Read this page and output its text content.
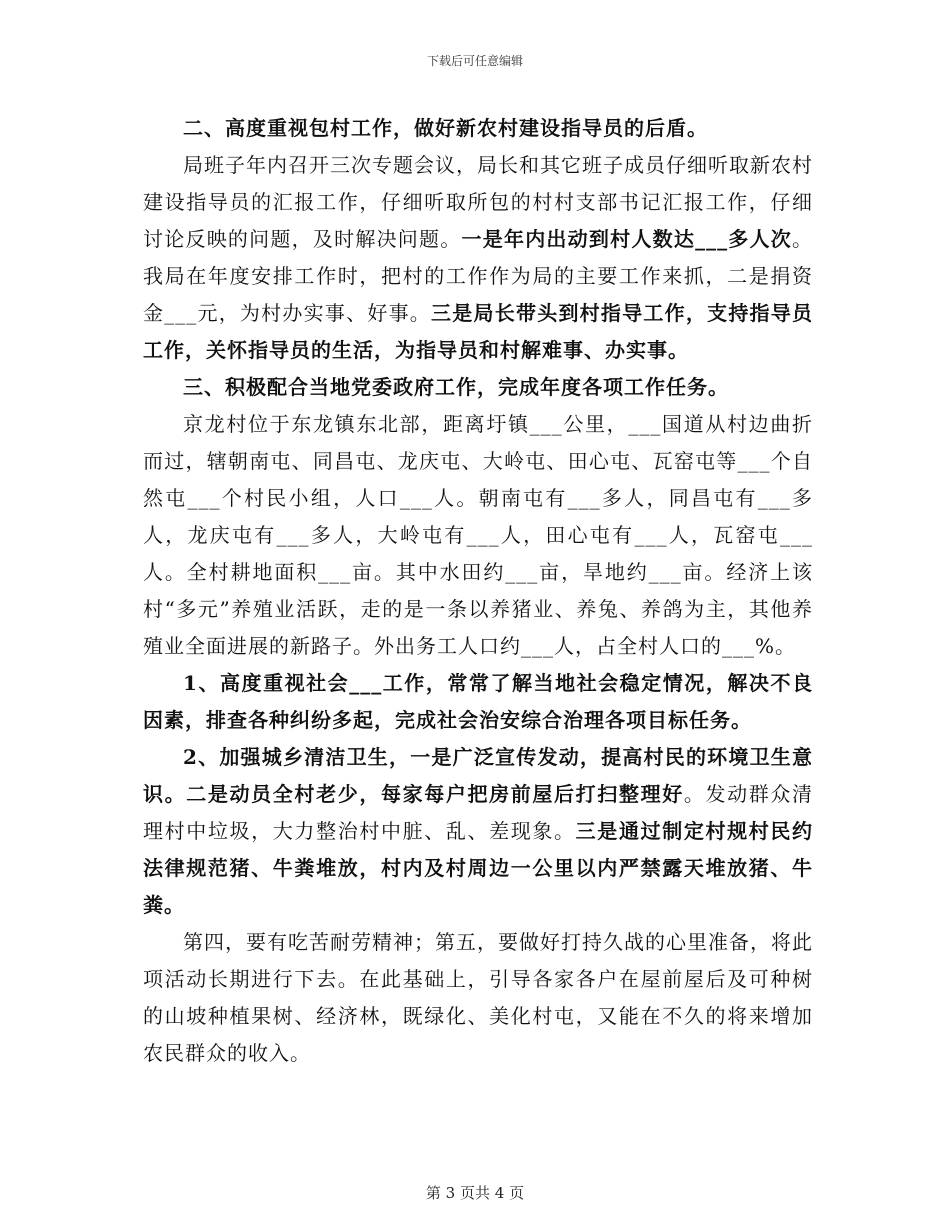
下载后可任意编辑

二、高度重视包村工作，做好新农村建设指导员的后盾。

局班子年内召开三次专题会议，局长和其它班子成员仔细听取新农村建设指导员的汇报工作，仔细听取所包的村村支部书记汇报工作，仔细讨论反映的问题，及时解决问题。一是年内出动到村人数达___多人次。我局在年度安排工作时，把村的工作作为局的主要工作来抓，二是捐资金___元，为村办实事、好事。三是局长带头到村指导工作，支持指导员工作，关怀指导员的生活，为指导员和村解难事、办实事。

三、积极配合当地党委政府工作，完成年度各项工作任务。

京龙村位于东龙镇东北部，距离圩镇___公里，___国道从村边曲折而过，辖朝南屯、同昌屯、龙庆屯、大岭屯、田心屯、瓦窑屯等___个自然屯___个村民小组，人口___人。朝南屯有___多人，同昌屯有___多人，龙庆屯有___多人，大岭屯有___人，田心屯有___人，瓦窑屯___人。全村耕地面积___亩。其中水田约___亩，旱地约___亩。经济上该村“多元”养殖业活跃，走的是一条以养猪业、养兔、养鸽为主，其他养殖业全面进展的新路子。外出务工人口约___人，占全村人口的___%。

1、高度重视社会___工作，常常了解当地社会稳定情况，解决不良因素，排查各种纠纷多起，完成社会治安综合治理各项目标任务。

2、加强城乡清洁卫生，一是广泛宣传发动，提高村民的环境卫生意识。二是动员全村老少，每家每户把房前屋后打扫整理好。发动群众清理村中垃圾，大力整治村中脏、乱、差现象。三是通过制定村规村民约法律规范猪、牛粪堆放，村内及村周边一公里以内严禁露天堆放猪、牛粪。

第四，要有吃苦耐劳精神；第五，要做好打持久战的心里准备，将此项活动长期进行下去。在此基础上，引导各家各户在屋前屋后及可种树的山坡种植果树、经济林，既绿化、美化村屯，又能在不久的将来增加农民群众的收入。

第 3 页共 4 页
